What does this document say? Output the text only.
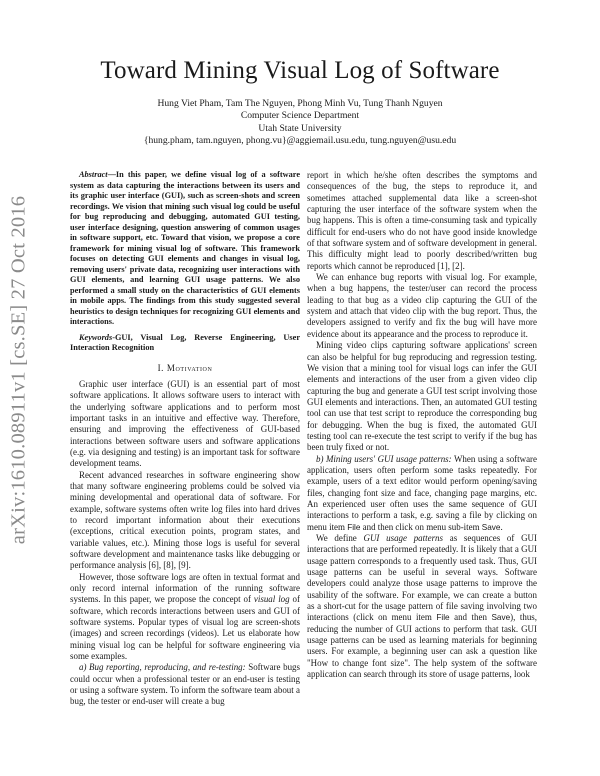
arXiv:1610.08911v1 [cs.SE] 27 Oct 2016
Toward Mining Visual Log of Software
Hung Viet Pham, Tam The Nguyen, Phong Minh Vu, Tung Thanh Nguyen
Computer Science Department
Utah State University
{hung.pham, tam.nguyen, phong.vu}@aggiemail.usu.edu, tung.nguyen@usu.edu

Abstract—In this paper, we define visual log of a software system as data capturing the interactions between its users and its graphic user interface (GUI), such as screen-shots and screen recordings. We vision that mining such visual log could be useful for bug reproducing and debugging, automated GUI testing, user interface designing, question answering of common usages in software support, etc. Toward that vision, we propose a core framework for mining visual log of software. This framework focuses on detecting GUI elements and changes in visual log, removing users' private data, recognizing user interactions with GUI elements, and learning GUI usage patterns. We also performed a small study on the characteristics of GUI elements in mobile apps. The findings from this study suggested several heuristics to design techniques for recognizing GUI elements and interactions.

Keywords-GUI, Visual Log, Reverse Engineering, User Interaction Recognition

I. Motivation

Graphic user interface (GUI) is an essential part of most software applications. It allows software users to interact with the underlying software applications and to perform most important tasks in an intuitive and effective way. Therefore, ensuring and improving the effectiveness of GUI-based interactions between software users and software applications (e.g. via designing and testing) is an important task for software development teams.

Recent advanced researches in software engineering show that many software engineering problems could be solved via mining developmental and operational data of software. For example, software systems often write log files into hard drives to record important information about their executions (exceptions, critical execution points, program states, and variable values, etc.). Mining those logs is useful for several software development and maintenance tasks like debugging or performance analysis [6], [8], [9].

However, those software logs are often in textual format and only record internal information of the running software systems. In this paper, we propose the concept of visual log of software, which records interactions between users and GUI of software systems. Popular types of visual log are screen-shots (images) and screen recordings (videos). Let us elaborate how mining visual log can be helpful for software engineering via some examples.

a) Bug reporting, reproducing, and re-testing: Software bugs could occur when a professional tester or an end-user is testing or using a software system. To inform the software team about a bug, the tester or end-user will create a bug

report in which he/she often describes the symptoms and consequences of the bug, the steps to reproduce it, and sometimes attached supplemental data like a screen-shot capturing the user interface of the software system when the bug happens. This is often a time-consuming task and typically difficult for end-users who do not have good inside knowledge of that software system and of software development in general. This difficulty might lead to poorly described/written bug reports which cannot be reproduced [1], [2].

We can enhance bug reports with visual log. For example, when a bug happens, the tester/user can record the process leading to that bug as a video clip capturing the GUI of the system and attach that video clip with the bug report. Thus, the developers assigned to verify and fix the bug will have more evidence about its appearance and the process to reproduce it.

Mining video clips capturing software applications' screen can also be helpful for bug reproducing and regression testing. We vision that a mining tool for visual logs can infer the GUI elements and interactions of the user from a given video clip capturing the bug and generate a GUI test script involving those GUI elements and interactions. Then, an automated GUI testing tool can use that test script to reproduce the corresponding bug for debugging. When the bug is fixed, the automated GUI testing tool can re-execute the test script to verify if the bug has been truly fixed or not.

b) Mining users' GUI usage patterns: When using a software application, users often perform some tasks repeatedly. For example, users of a text editor would perform opening/saving files, changing font size and face, changing page margins, etc. An experienced user often uses the same sequence of GUI interactions to perform a task, e.g. saving a file by clicking on menu item File and then click on menu sub-item Save.

We define GUI usage patterns as sequences of GUI interactions that are performed repeatedly. It is likely that a GUI usage pattern corresponds to a frequently used task. Thus, GUI usage patterns can be useful in several ways. Software developers could analyze those usage patterns to improve the usability of the software. For example, we can create a button as a short-cut for the usage pattern of file saving involving two interactions (click on menu item File and then Save), thus, reducing the number of GUI actions to perform that task. GUI usage patterns can be used as learning materials for beginning users. For example, a beginning user can ask a question like "How to change font size". The help system of the software application can search through its store of usage patterns, look
